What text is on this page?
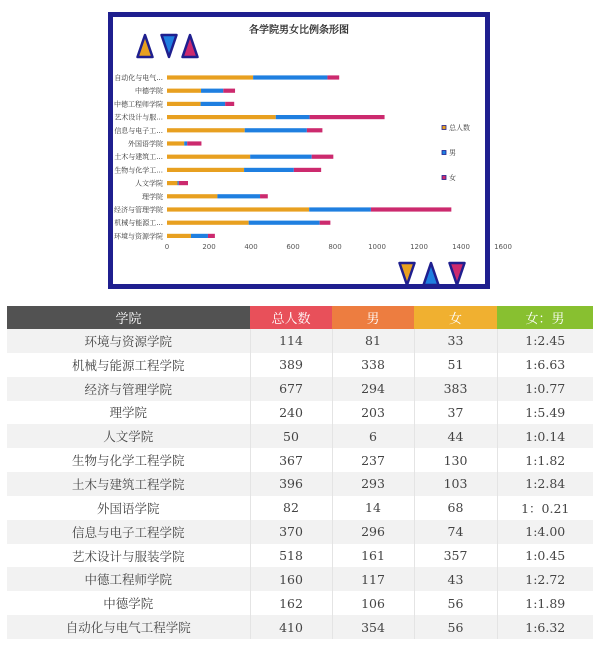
各学院男女比例条形图
自动化与电气...
中德学院
中德工程师学院
艺术设计与服...
信息与电子工...
外国语学院
土木与建筑工...
生物与化学工...
人文学院
理学院
经济与管理学院
机械与能源工...
环境与资源学院
0	200	400	600	800	1000	1200	1400	1600
总人数
男
女
学院	总人数	男	女	女：男
环境与资源学院	114	81	33	1:2.45
机械与能源工程学院	389	338	51	1:6.63
经济与管理学院	677	294	383	1:0.77
理学院	240	203	37	1:5.49
人文学院	50	6	44	1:0.14
生物与化学工程学院	367	237	130	1:1.82
土木与建筑工程学院	396	293	103	1:2.84
外国语学院	82	14	68	1：0.21
信息与电子工程学院	370	296	74	1:4.00
艺术设计与服装学院	518	161	357	1:0.45
中德工程师学院	160	117	43	1:2.72
中德学院	162	106	56	1:1.89
自动化与电气工程学院	410	354	56	1:6.32
